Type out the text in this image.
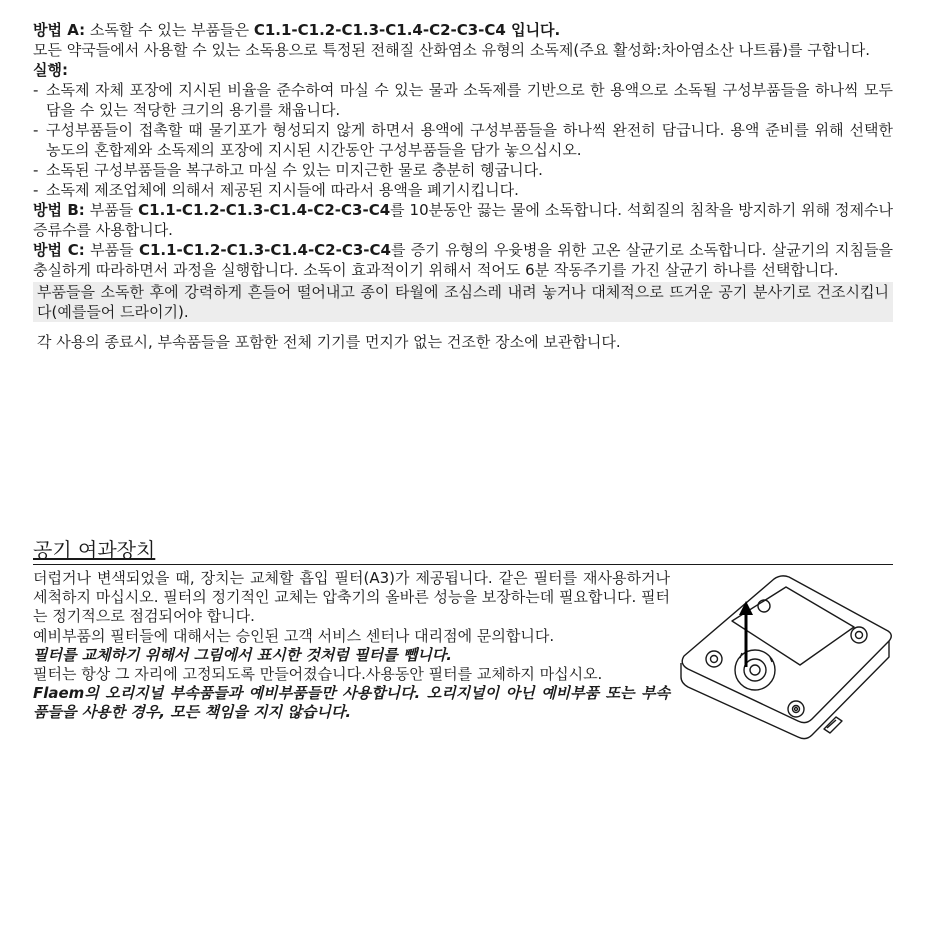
방법 A: 소독할 수 있는 부품들은 C1.1-C1.2-C1.3-C1.4-C2-C3-C4 입니다.

모든 약국들에서 사용할 수 있는 소독용으로 특정된 전해질 산화염소 유형의 소독제(주요 활성화:차아염소산 나트륨)를 구합니다.

실행:

- 소독제 자체 포장에 지시된 비율을 준수하여 마실 수 있는 물과 소독제를 기반으로 한 용액으로 소독될 구성부품들을 하나씩 모두 담을 수 있는 적당한 크기의 용기를 채웁니다.
- 구성부품들이 접촉할 때 물기포가 형성되지 않게 하면서 용액에 구성부품들을 하나씩 완전히 담급니다. 용액 준비를 위해 선택한 농도의 혼합제와 소독제의 포장에 지시된 시간동안 구성부품들을 담가 놓으십시오.
- 소독된 구성부품들을 복구하고 마실 수 있는 미지근한 물로 충분히 헹굽니다.
- 소독제 제조업체에 의해서 제공된 지시들에 따라서 용액을 폐기시킵니다.

방법 B: 부품들 C1.1-C1.2-C1.3-C1.4-C2-C3-C4를 10분동안 끓는 물에 소독합니다. 석회질의 침착을 방지하기 위해 정제수나 증류수를 사용합니다.

방법 C: 부품들 C1.1-C1.2-C1.3-C1.4-C2-C3-C4를 증기 유형의 우윳병을 위한 고온 살균기로 소독합니다. 살균기의 지침들을 충실하게 따라하면서 과정을 실행합니다. 소독이 효과적이기 위해서 적어도 6분 작동주기를 가진 살균기 하나를 선택합니다.

부품들을 소독한 후에 강력하게 흔들어 떨어내고 종이 타월에 조심스레 내려 놓거나 대체적으로 뜨거운 공기 분사기로 건조시킵니다(예를들어 드라이기).

각 사용의 종료시, 부속품들을 포함한 전체 기기를 먼지가 없는 건조한 장소에 보관합니다.

공기 여과장치

더럽거나 변색되었을 때, 장치는 교체할 흡입 필터(A3)가 제공됩니다. 같은 필터를 재사용하거나 세척하지 마십시오. 필터의 정기적인 교체는 압축기의 올바른 성능을 보장하는데 필요합니다. 필터는 정기적으로 점검되어야 합니다.

예비부품의 필터들에 대해서는 승인된 고객 서비스 센터나 대리점에 문의합니다.

필터를 교체하기 위해서 그림에서 표시한 것처럼 필터를 뺍니다.

필터는 항상 그 자리에 고정되도록 만들어졌습니다.사용동안 필터를 교체하지 마십시오.

Flaem의 오리지널 부속품들과 예비부품들만 사용합니다. 오리지널이 아닌 예비부품 또는 부속품들을 사용한 경우, 모든 책임을 지지 않습니다.
